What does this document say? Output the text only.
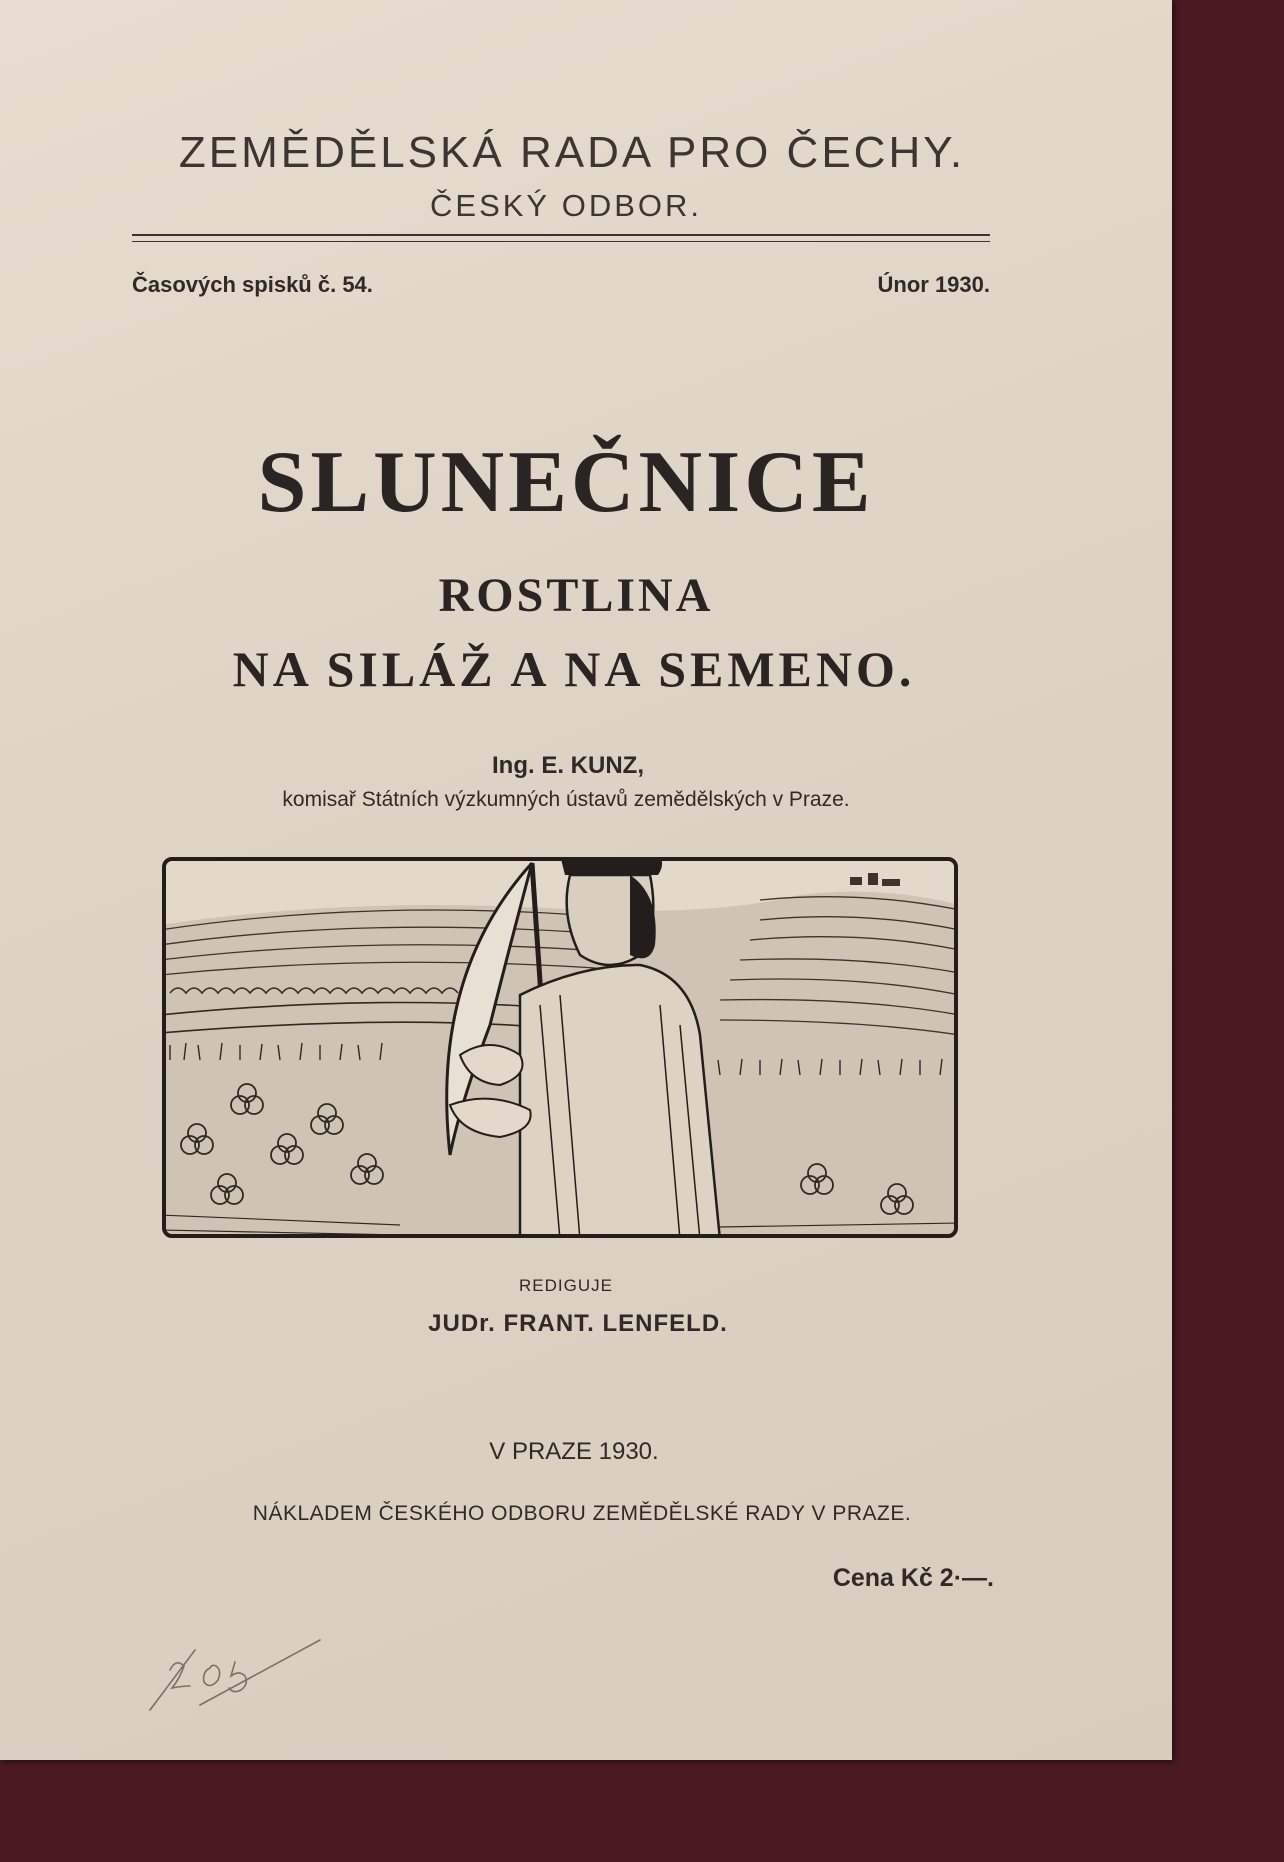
ZEMĚDĚLSKÁ RADA PRO ČECHY.
ČESKÝ ODBOR.
Časových spisků č. 54.	Únor 1930.
SLUNEČNICE
ROSTLINA
NA SILÁŽ A NA SEMENO.
Ing. E. KUNZ,
komisař Státních výzkumných ústavů zemědělských v Praze.
REDIGUJE
JUDr. FRANT. LENFELD.
V PRAZE 1930.
NÁKLADEM ČESKÉHO ODBORU ZEMĚDĚLSKÉ RADY V PRAZE.
Cena Kč 2·—.
